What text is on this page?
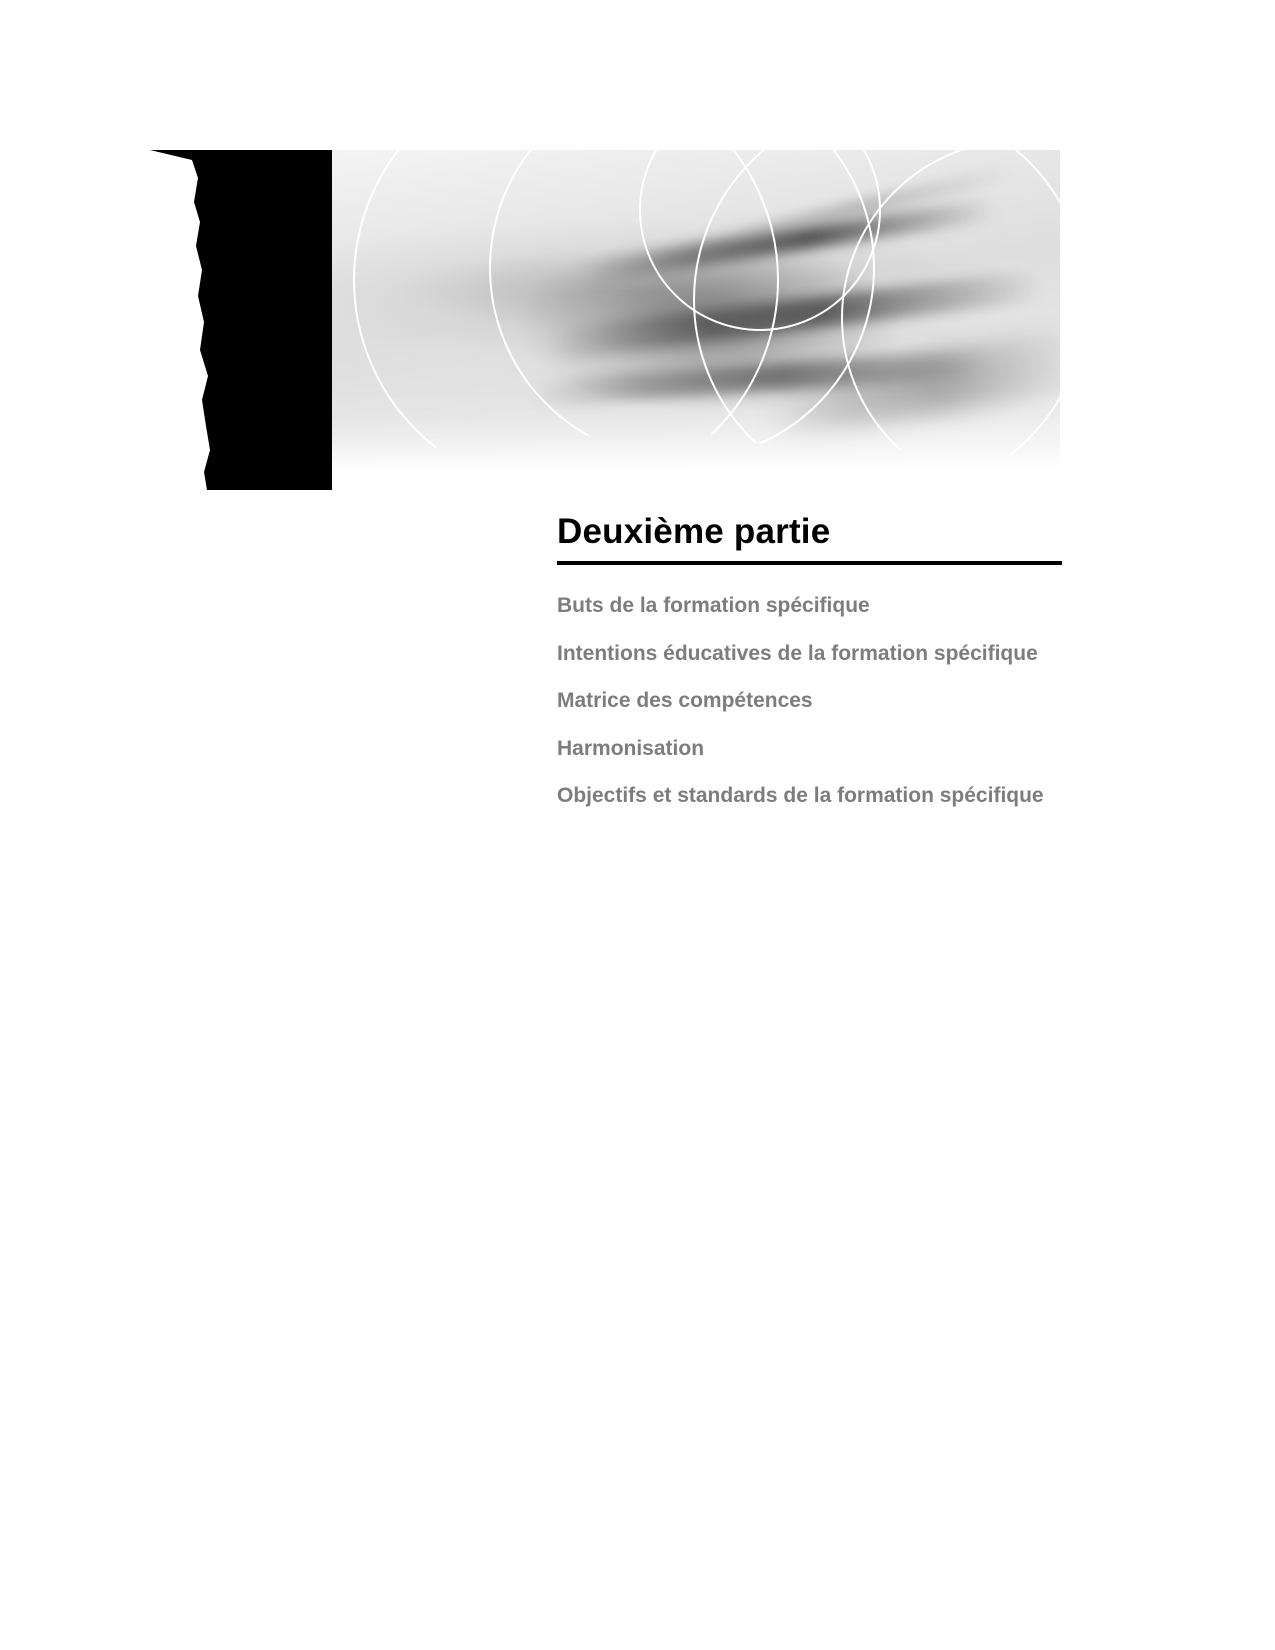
Deuxième partie
Buts de la formation spécifique
Intentions éducatives de la formation spécifique
Matrice des compétences
Harmonisation
Objectifs et standards de la formation spécifique
